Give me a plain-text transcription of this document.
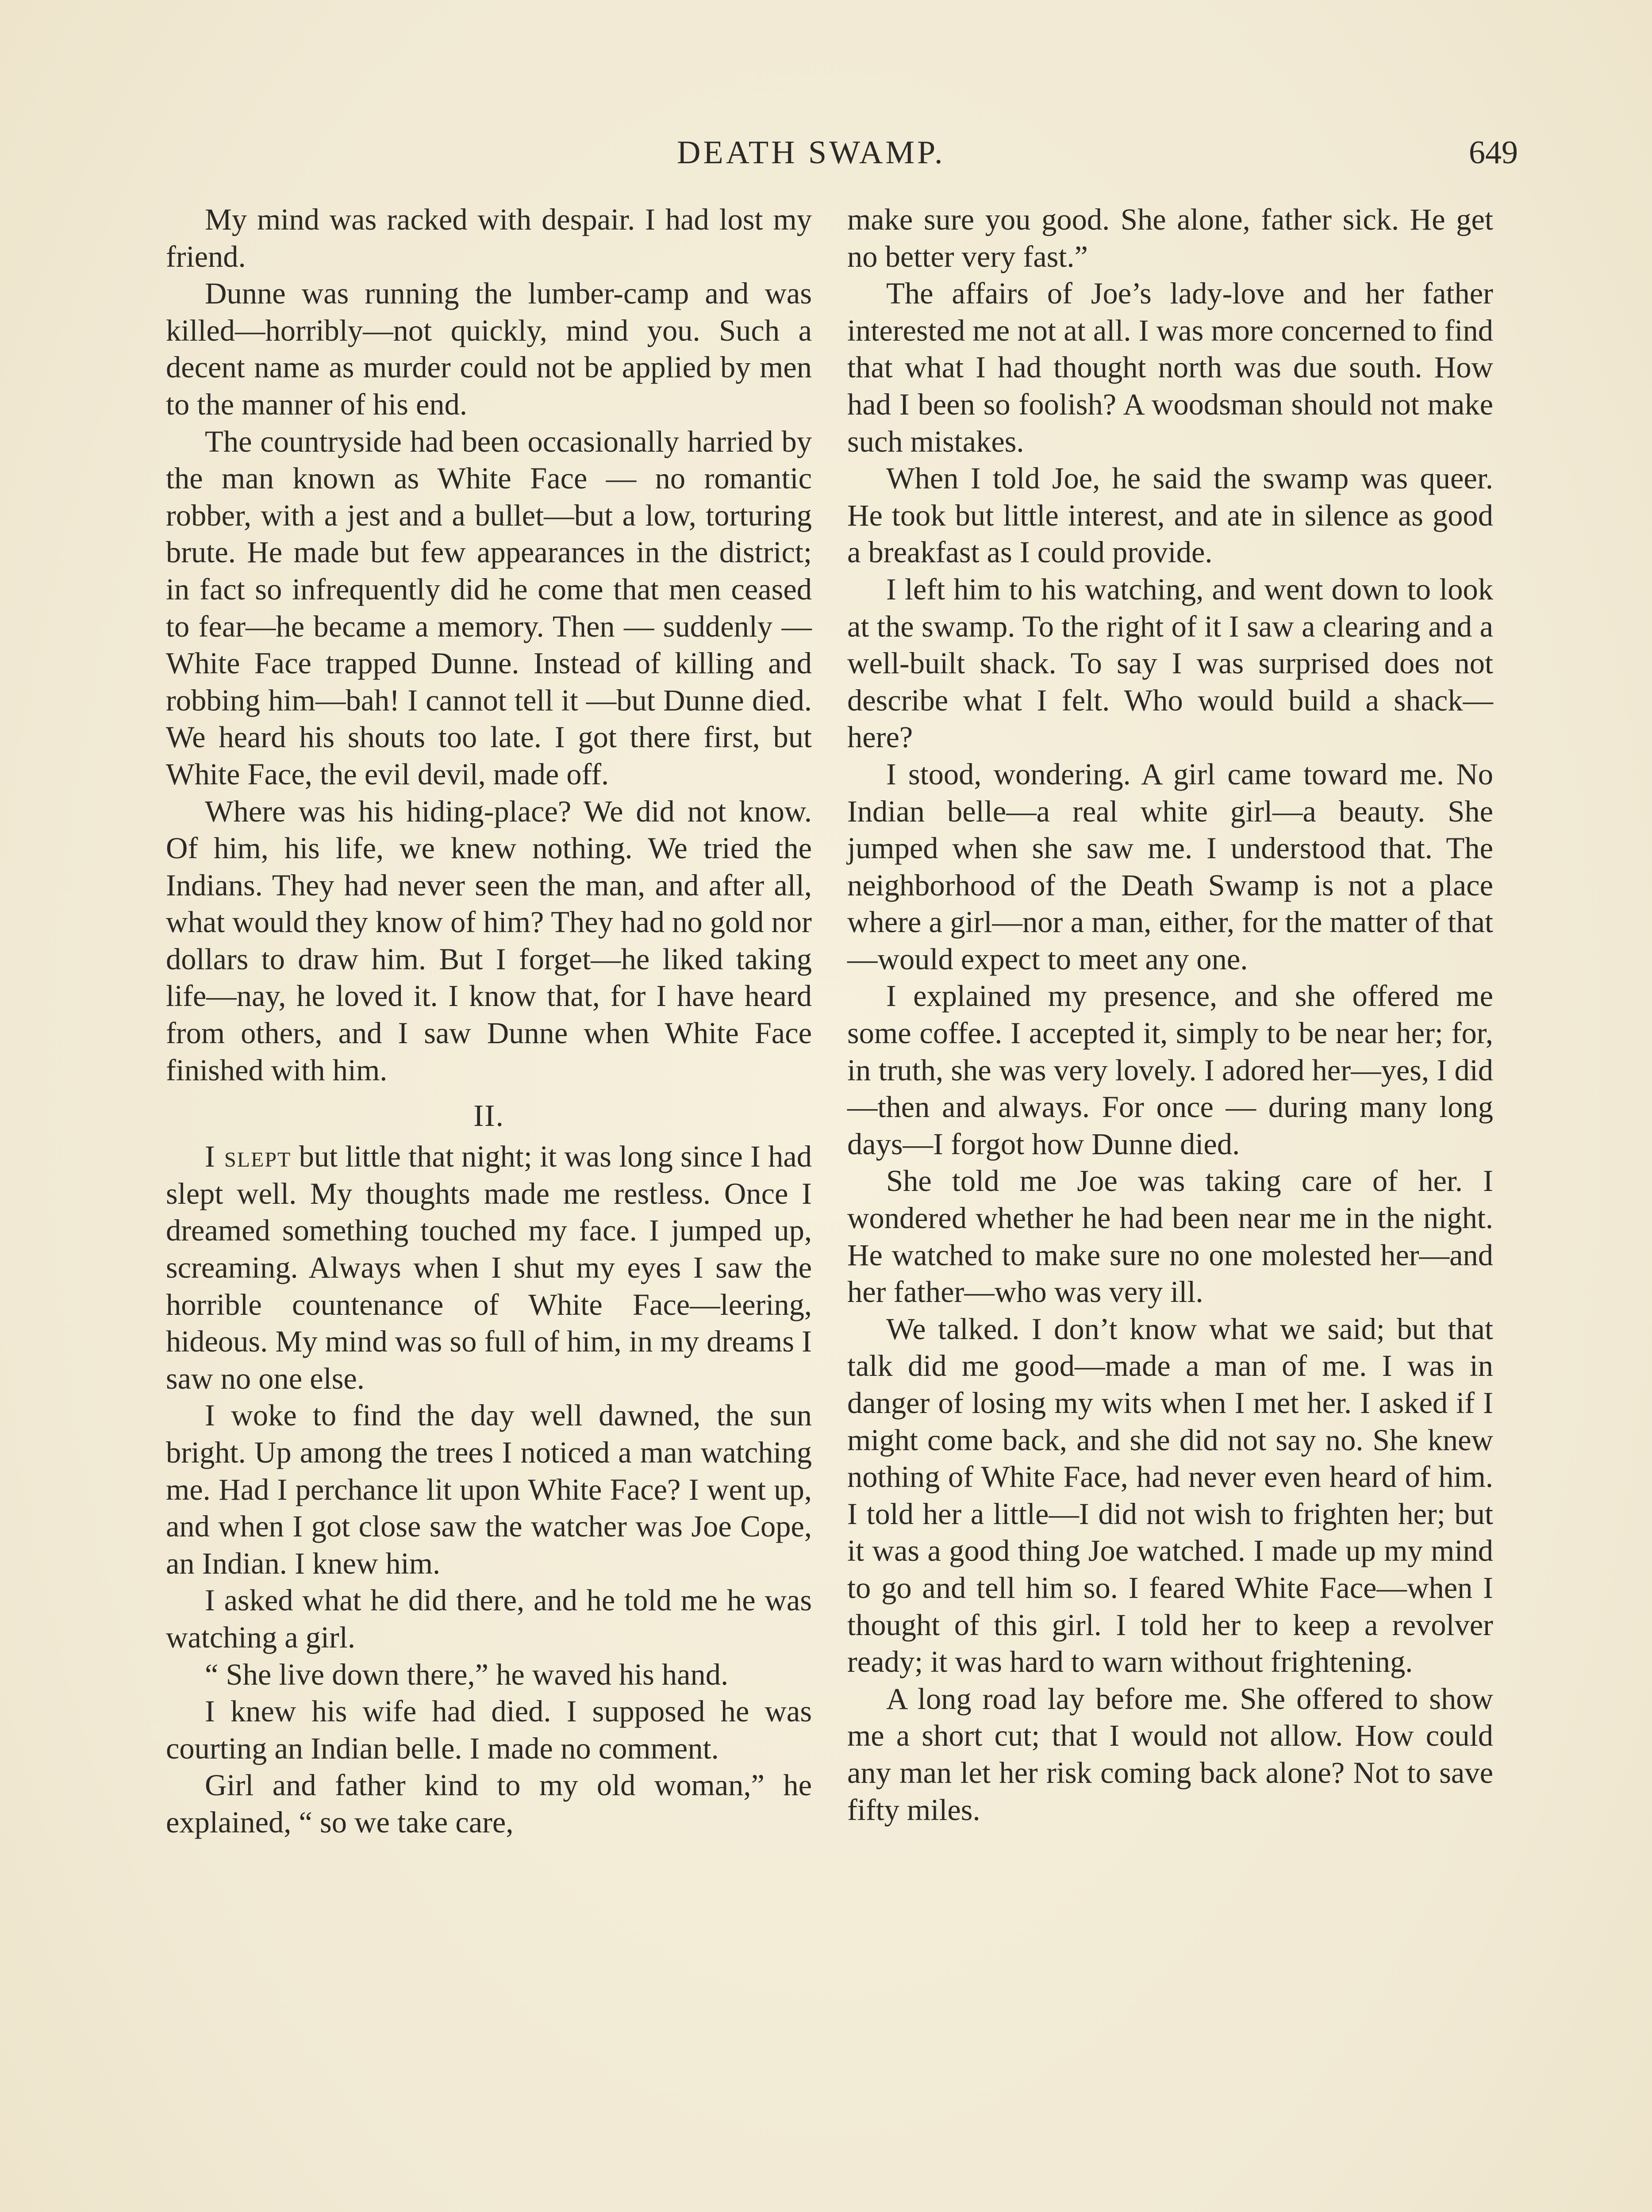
DEATH SWAMP.	649

My mind was racked with despair. I had lost my friend.

Dunne was running the lumber-camp and was killed—horribly—not quickly, mind you. Such a decent name as murder could not be applied by men to the manner of his end.

The countryside had been occasionally harried by the man known as White Face — no romantic robber, with a jest and a bullet—but a low, torturing brute. He made but few appearances in the district; in fact so infrequently did he come that men ceased to fear—he became a memory. Then — suddenly — White Face trapped Dunne. Instead of killing and robbing him—bah! I cannot tell it —but Dunne died. We heard his shouts too late. I got there first, but White Face, the evil devil, made off.

Where was his hiding-place? We did not know. Of him, his life, we knew nothing. We tried the Indians. They had never seen the man, and after all, what would they know of him? They had no gold nor dollars to draw him. But I forget—he liked taking life—nay, he loved it. I know that, for I have heard from others, and I saw Dunne when White Face finished with him.

II.

I slept but little that night; it was long since I had slept well. My thoughts made me restless. Once I dreamed something touched my face. I jumped up, screaming. Always when I shut my eyes I saw the horrible countenance of White Face—leering, hideous. My mind was so full of him, in my dreams I saw no one else.

I woke to find the day well dawned, the sun bright. Up among the trees I noticed a man watching me. Had I perchance lit upon White Face? I went up, and when I got close saw the watcher was Joe Cope, an Indian. I knew him.

I asked what he did there, and he told me he was watching a girl.

“ She live down there,” he waved his hand.

I knew his wife had died. I supposed he was courting an Indian belle. I made no comment.

Girl and father kind to my old woman,” he explained, “ so we take care,

make sure you good. She alone, father sick. He get no better very fast.”

The affairs of Joe’s lady-love and her father interested me not at all. I was more concerned to find that what I had thought north was due south. How had I been so foolish? A woodsman should not make such mistakes.

When I told Joe, he said the swamp was queer. He took but little interest, and ate in silence as good a breakfast as I could provide.

I left him to his watching, and went down to look at the swamp. To the right of it I saw a clearing and a well-built shack. To say I was surprised does not describe what I felt. Who would build a shack—here?

I stood, wondering. A girl came toward me. No Indian belle—a real white girl—a beauty. She jumped when she saw me. I understood that. The neighborhood of the Death Swamp is not a place where a girl—nor a man, either, for the matter of that—would expect to meet any one.

I explained my presence, and she offered me some coffee. I accepted it, simply to be near her; for, in truth, she was very lovely. I adored her—yes, I did—then and always. For once — during many long days—I forgot how Dunne died.

She told me Joe was taking care of her. I wondered whether he had been near me in the night. He watched to make sure no one molested her—and her father—who was very ill.

We talked. I don’t know what we said; but that talk did me good—made a man of me. I was in danger of losing my wits when I met her. I asked if I might come back, and she did not say no. She knew nothing of White Face, had never even heard of him. I told her a little—I did not wish to frighten her; but it was a good thing Joe watched. I made up my mind to go and tell him so. I feared White Face—when I thought of this girl. I told her to keep a revolver ready; it was hard to warn without frightening.

A long road lay before me. She offered to show me a short cut; that I would not allow. How could any man let her risk coming back alone? Not to save fifty miles.
